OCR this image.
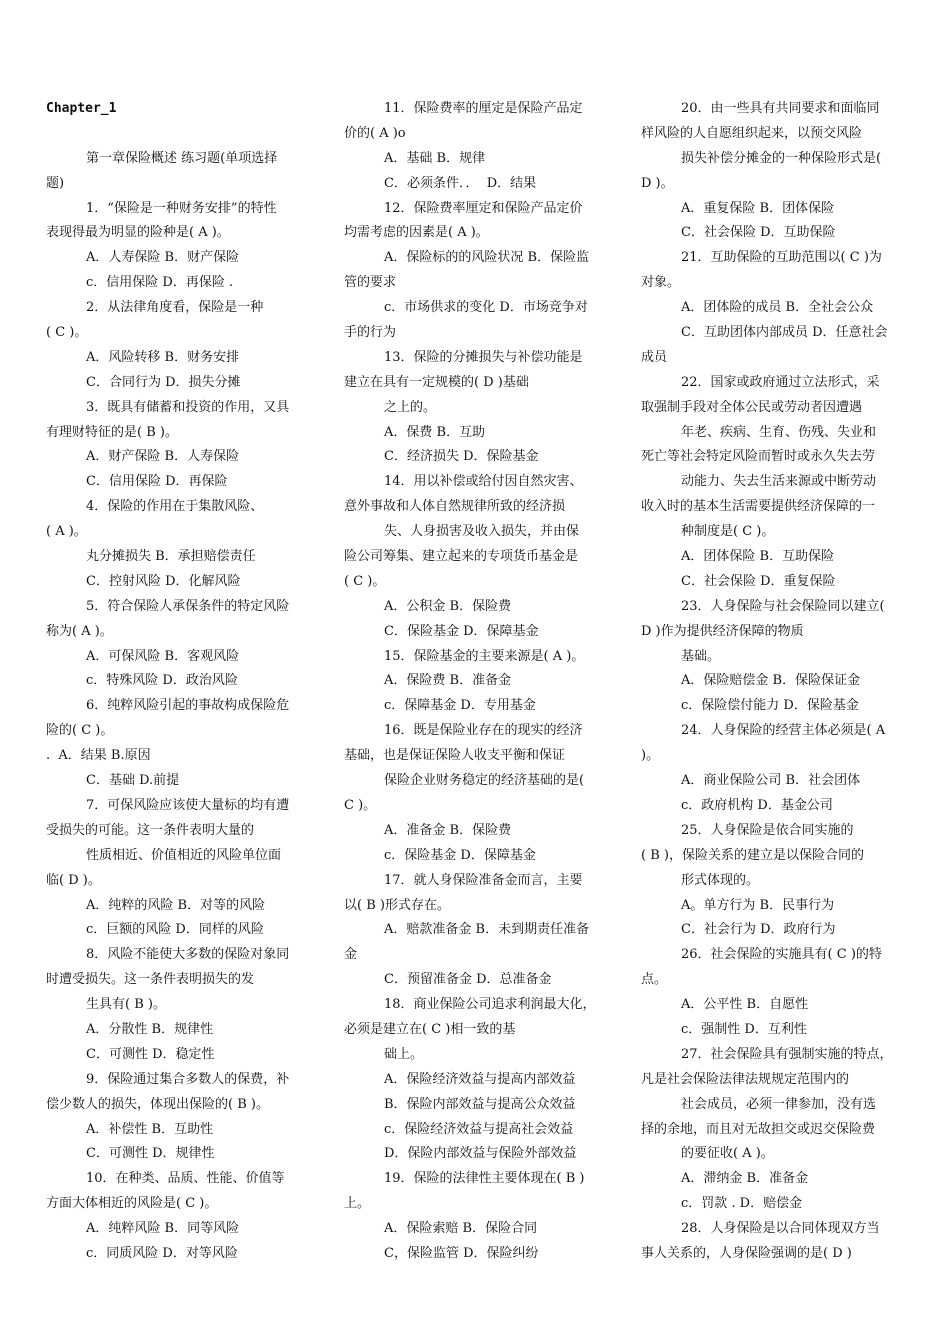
Chapter_1
第一章保险概述 练习题(单项选择
题)
1．“保险是一种财务安排”的特性
表现得最为明显的险种是( A )。
A．人寿保险 B．财产保险
c．信用保险 D．再保险 .
2．从法律角度看，保险是一种
( C )。
A．风险转移 B．财务安排
C．合同行为 D．损失分摊
3．既具有储蓄和投资的作用，又具
有理财特征的是( B )。
A．财产保险 B．人寿保险
C．信用保险 D．再保险
4．保险的作用在于集散风险、
( A )。
丸分摊损失 B．承担赔偿责任
C．控射风险 D．化解风险
5．符合保险人承保条件的特定风险
称为( A )。
A．可保风险 B．客观风险
c．特殊风险 D．政治风险
6．纯粹风险引起的事故构成保险危
险的( C )。
.  A．结果 B.原因
C．基础 D.前提
7．可保风险应该使大量标的均有遭
受损失的可能。这一条件表明大量的
性质相近、价值相近的风险单位面
临( D )。
A．纯粹的风险 B．对等的风险
c．巨额的风险 D．同样的风险
8．风险不能使大多数的保险对象同
时遭受损失。这一条件表明损失的发
生具有( B )。
A．分散性 B．规律性
C．可测性 D．稳定性
9．保险通过集合多数人的保费，补
偿少数人的损失，体现出保险的( B )。
A．补偿性 B．互助性
C．可测性 D．规律性
10．在种类、品质、性能、价值等
方面大体相近的风险是( C )。
A．纯粹风险 B．同等风险
c．同质风险 D．对等风险
11．保险费率的厘定是保险产品定
价的( A )o
A．基础 B．规律
C．必须条件．．  D．结果
12．保险费率厘定和保险产品定价
均需考虑的因素是( A )。
A．保险标的的风险状况 B．保险监
管的要求
c．市场供求的变化 D．市场竞争对
手的行为
13．保险的分摊损失与补偿功能是
建立在具有一定规模的( D )基础
之上的。
A．保费 B．互助
C．经济损失 D．保险基金
14．用以补偿或给付因自然灾害、
意外事故和人体自然规律所致的经济损
失、人身损害及收入损失，并由保
险公司筹集、建立起来的专项货币基金是
( C )。
A．公积金 B．保险费
C．保险基金 D．保障基金
15．保险基金的主要来源是( A )。
A．保险费 B．准备金
c．保障基金 D．专用基金
16．既是保险业存在的现实的经济
基础，也是保证保险人收支平衡和保证
保险企业财务稳定的经济基础的是(
C )。
A．准备金 B．保险费
c．保险基金 D．保障基金
17．就人身保险准备金而言，主要
以( B )形式存在。
A．赔款准备金 B．未到期责任准备
金
C．预留准备金 D．总准备金
18．商业保险公司追求利润最大化，
必须是建立在( C )相一致的基
础上。
A．保险经济效益与提高内部效益
B．保险内部效益与提高公众效益
c．保险经济效益与提高社会效益
D．保险内部效益与保险外部效益
19．保险的法律性主要体现在( B )
上。
A．保险索赔 B．保险合同
C，保险监管 D．保险纠纷
20．由一些具有共同要求和面临同
样风险的人自愿组织起来，以预交风险
损失补偿分摊金的一种保险形式是(
D )。
A．重复保险 B．团体保险
C．社会保险 D．互助保险
21．互助保险的互助范围以( C )为
对象。
A．团体险的成员 B．全社会公众
C．互助团体内部成员 D．任意社会
成员
22．国家或政府通过立法形式，采
取强制手段对全体公民或劳动者因遭遇
年老、疾病、生育、伤残、失业和
死亡等社会特定风险而暂时或永久失去劳
动能力、失去生活来源或中断劳动
收入时的基本生活需要提供经济保障的一
种制度是( C )。
A．团体保险 B．互助保险
C．社会保险 D．重复保险
23．人身保险与社会保险同以建立(
D )作为提供经济保障的物质
基础。
A．保险赔偿金 B．保险保证金
c．保险偿付能力 D．保险基金
24．人身保险的经营主体必须是( A
)。
A．商业保险公司 B．社会团体
c．政府机构 D．基金公司
25．人身保险是依合同实施的
( B )，保险关系的建立是以保险合同的
形式体现的。
A。单方行为 B．民事行为
C．社会行为 D．政府行为
26．社会保险的实施具有( C )的特
点。
A．公平性 B．自愿性
c．强制性 D．互利性
27．社会保险具有强制实施的特点，
凡是社会保险法律法规规定范围内的
社会成员，必须一律参加，没有选
择的余地，而且对无故担交或迟交保险费
的要征收( A )。
A．滞纳金 B．准备金
c．罚款 . D．赔偿金
28．人身保险是以合同体现双方当
事人关系的，人身保险强调的是( D )
